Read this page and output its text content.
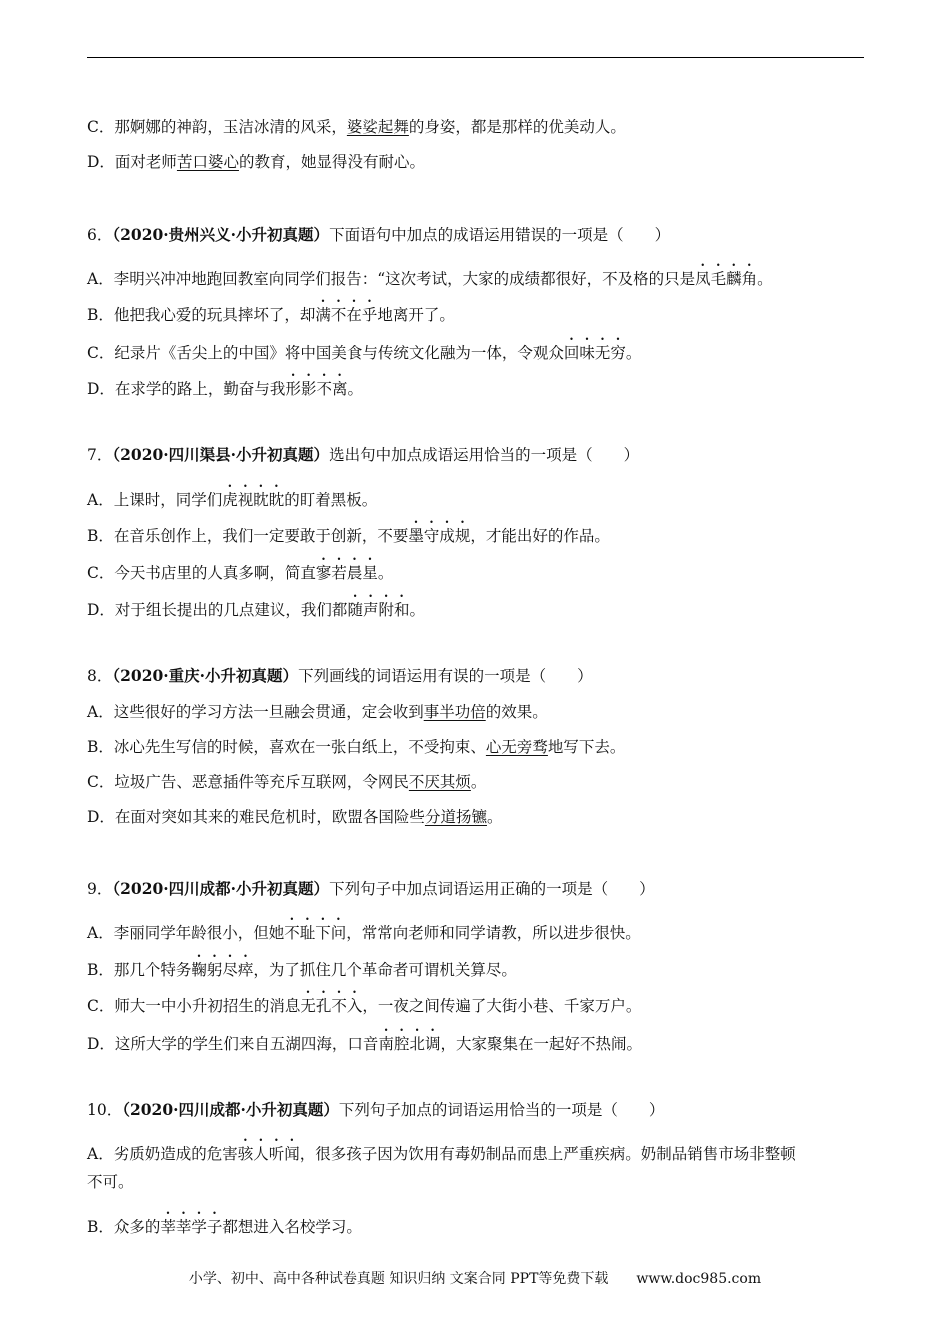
C．那婀娜的神韵，玉洁冰清的风采，婆娑起舞的身姿，都是那样的优美动人。
D．面对老师苦口婆心的教育，她显得没有耐心。
6．（2020·贵州兴义·小升初真题）下面语句中加点的成语运用错误的一项是（　　）
A．李明兴冲冲地跑回教室向同学们报告：“这次考试，大家的成绩都很好，不及格的只是凤毛麟角。
B．他把我心爱的玩具摔坏了，却满不在乎地离开了。
C．纪录片《舌尖上的中国》将中国美食与传统文化融为一体，令观众回味无穷。
D．在求学的路上，勤奋与我形影不离。
7．（2020·四川渠县·小升初真题）选出句中加点成语运用恰当的一项是（　　）
A．上课时，同学们虎视眈眈的盯着黑板。
B．在音乐创作上，我们一定要敢于创新，不要墨守成规，才能出好的作品。
C．今天书店里的人真多啊，简直寥若晨星。
D．对于组长提出的几点建议，我们都随声附和。
8．（2020·重庆·小升初真题）下列画线的词语运用有误的一项是（　　）
A．这些很好的学习方法一旦融会贯通，定会收到事半功倍的效果。
B．冰心先生写信的时候，喜欢在一张白纸上，不受拘束、心无旁骛地写下去。
C．垃圾广告、恶意插件等充斥互联网，令网民不厌其烦。
D．在面对突如其来的难民危机时，欧盟各国险些分道扬镳。
9．（2020·四川成都·小升初真题）下列句子中加点词语运用正确的一项是（　　）
A．李丽同学年龄很小，但她不耻下问，常常向老师和同学请教，所以进步很快。
B．那几个特务鞠躬尽瘁，为了抓住几个革命者可谓机关算尽。
C．师大一中小升初招生的消息无孔不入，一夜之间传遍了大街小巷、千家万户。
D．这所大学的学生们来自五湖四海，口音南腔北调，大家聚集在一起好不热闹。
10．（2020·四川成都·小升初真题）下列句子加点的词语运用恰当的一项是（　　）
A．劣质奶造成的危害骇人听闻，很多孩子因为饮用有毒奶制品而患上严重疾病。奶制品销售市场非整顿
不可。
B．众多的莘莘学子都想进入名校学习。
小学、初中、高中各种试卷真题 知识归纳 文案合同 PPT等免费下载　　www.doc985.com
